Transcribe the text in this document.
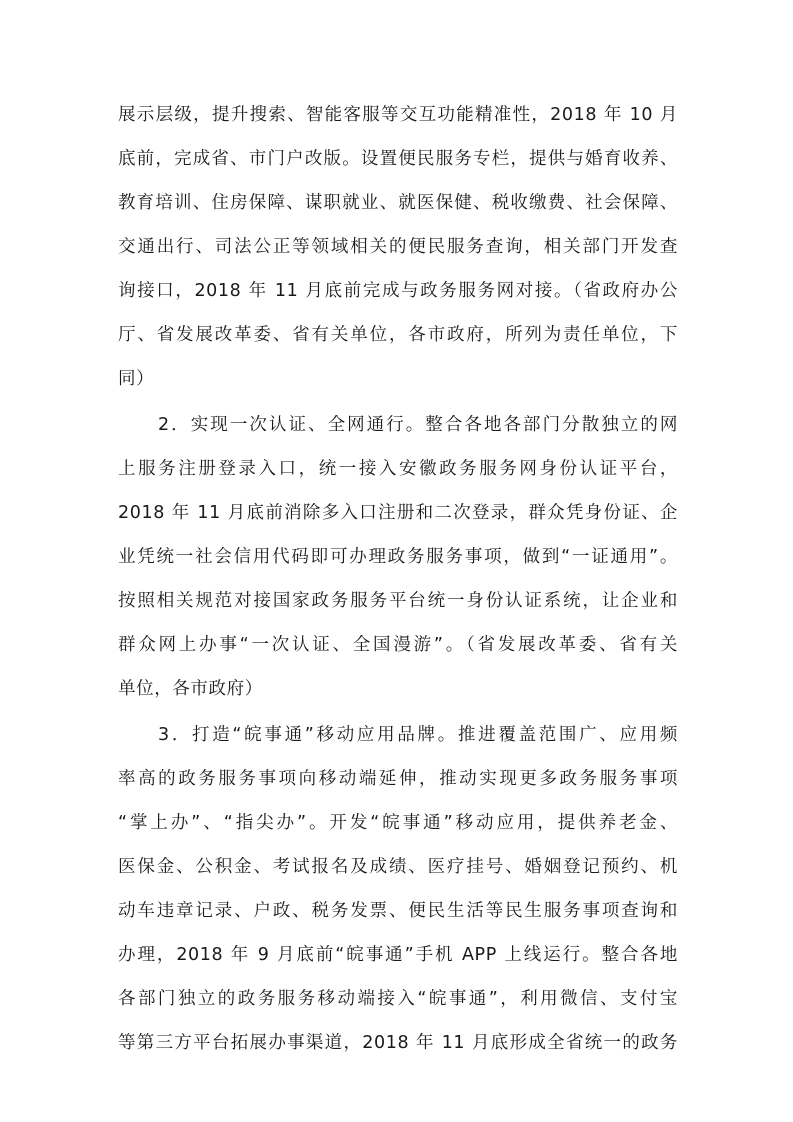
展示层级，提升搜索、智能客服等交互功能精准性，2018 年 10 月
底前，完成省、市门户改版。设置便民服务专栏，提供与婚育收养、
教育培训、住房保障、谋职就业、就医保健、税收缴费、社会保障、
交通出行、司法公正等领域相关的便民服务查询，相关部门开发查
询接口，2018 年 11 月底前完成与政务服务网对接。（省政府办公
厅、省发展改革委、省有关单位，各市政府，所列为责任单位，下
同）
2．实现一次认证、全网通行。整合各地各部门分散独立的网
上服务注册登录入口，统一接入安徽政务服务网身份认证平台，
2018 年 11 月底前消除多入口注册和二次登录，群众凭身份证、企
业凭统一社会信用代码即可办理政务服务事项，做到“一证通用”。
按照相关规范对接国家政务服务平台统一身份认证系统，让企业和
群众网上办事“一次认证、全国漫游”。（省发展改革委、省有关
单位，各市政府）
3．打造“皖事通”移动应用品牌。推进覆盖范围广、应用频
率高的政务服务事项向移动端延伸，推动实现更多政务服务事项
“掌上办”、“指尖办”。开发“皖事通”移动应用，提供养老金、
医保金、公积金、考试报名及成绩、医疗挂号、婚姻登记预约、机
动车违章记录、户政、税务发票、便民生活等民生服务事项查询和
办理，2018 年 9 月底前“皖事通”手机 APP 上线运行。整合各地
各部门独立的政务服务移动端接入“皖事通”，利用微信、支付宝
等第三方平台拓展办事渠道，2018 年 11 月底形成全省统一的政务
